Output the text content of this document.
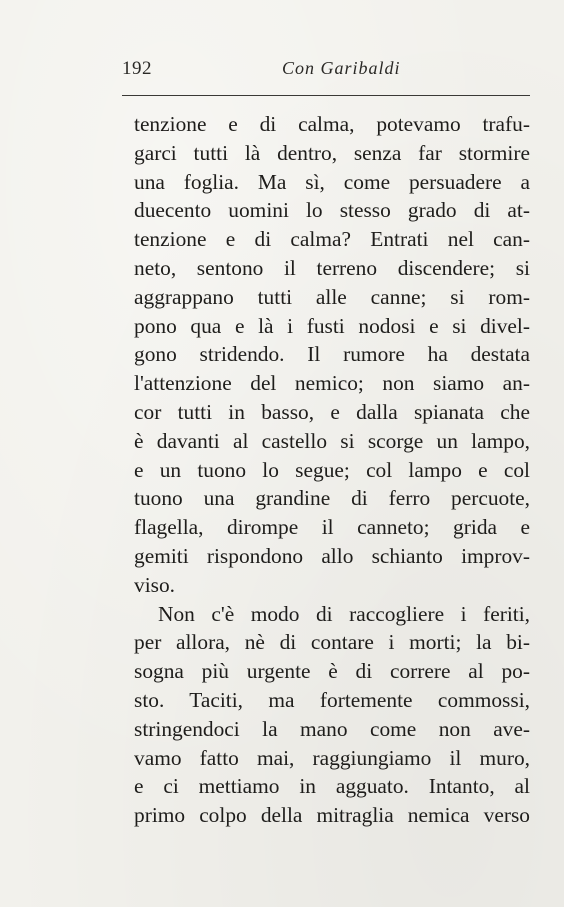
192	Con Garibaldi
tenzione e di calma, potevamo trafu-
garci tutti là dentro, senza far stormire
una foglia. Ma sì, come persuadere a
duecento uomini lo stesso grado di at-
tenzione e di calma? Entrati nel can-
neto, sentono il terreno discendere; si
aggrappano tutti alle canne; si rom-
pono qua e là i fusti nodosi e si divel-
gono stridendo. Il rumore ha destata
l'attenzione del nemico; non siamo an-
cor tutti in basso, e dalla spianata che
è davanti al castello si scorge un lampo,
e un tuono lo segue; col lampo e col
tuono una grandine di ferro percuote,
flagella, dirompe il canneto; grida e
gemiti rispondono allo schianto improv-
viso.
Non c'è modo di raccogliere i feriti,
per allora, nè di contare i morti; la bi-
sogna più urgente è di correre al po-
sto. Taciti, ma fortemente commossi,
stringendoci la mano come non ave-
vamo fatto mai, raggiungiamo il muro,
e ci mettiamo in agguato. Intanto, al
primo colpo della mitraglia nemica verso
